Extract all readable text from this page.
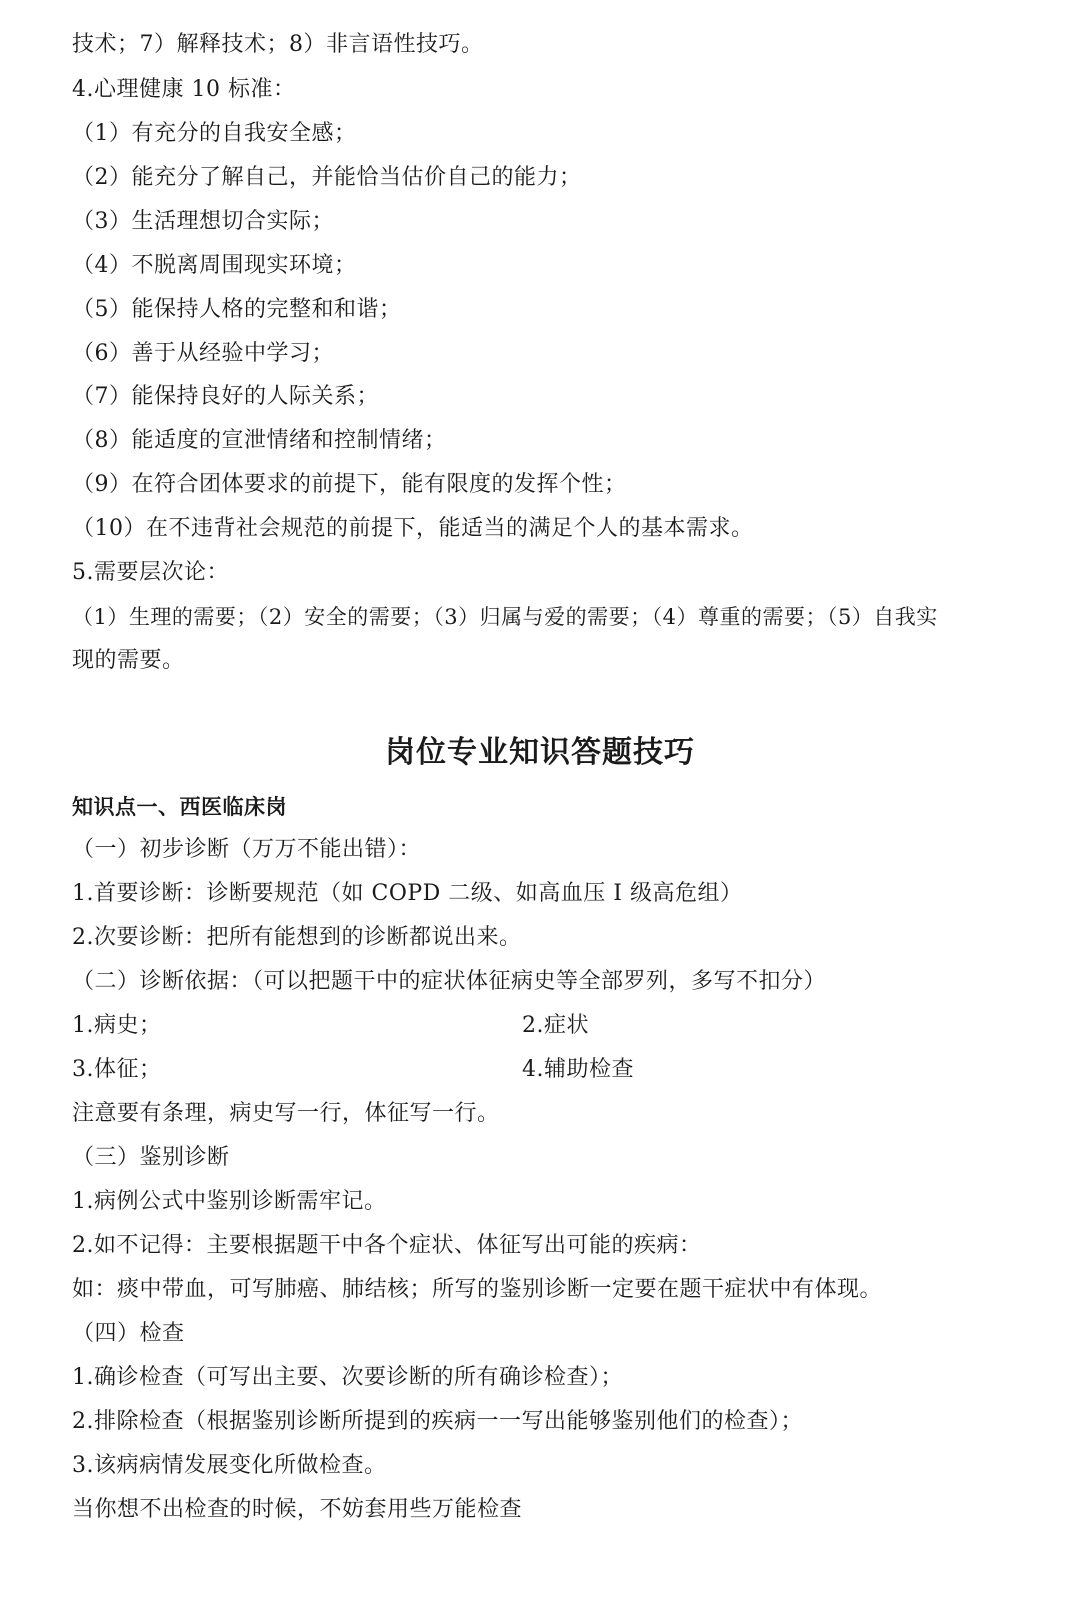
技术；7）解释技术；8）非言语性技巧。
4.心理健康 10 标准：
（1）有充分的自我安全感；
（2）能充分了解自己，并能恰当估价自己的能力；
（3）生活理想切合实际；
（4）不脱离周围现实环境；
（5）能保持人格的完整和和谐；
（6）善于从经验中学习；
（7）能保持良好的人际关系；
（8）能适度的宣泄情绪和控制情绪；
（9）在符合团体要求的前提下，能有限度的发挥个性；
（10）在不违背社会规范的前提下，能适当的满足个人的基本需求。
5.需要层次论：
（1）生理的需要；（2）安全的需要；（3）归属与爱的需要；（4）尊重的需要；（5）自我实
现的需要。
岗位专业知识答题技巧
知识点一、西医临床岗
（一）初步诊断（万万不能出错）：
1.首要诊断：诊断要规范（如 COPD 二级、如高血压 I 级高危组）
2.次要诊断：把所有能想到的诊断都说出来。
（二）诊断依据：（可以把题干中的症状体征病史等全部罗列，多写不扣分）
1.病史；	2.症状
3.体征；	4.辅助检查
注意要有条理，病史写一行，体征写一行。
（三）鉴别诊断
1.病例公式中鉴别诊断需牢记。
2.如不记得：主要根据题干中各个症状、体征写出可能的疾病：
如：痰中带血，可写肺癌、肺结核；所写的鉴别诊断一定要在题干症状中有体现。
（四）检查
1.确诊检查（可写出主要、次要诊断的所有确诊检查）；
2.排除检查（根据鉴别诊断所提到的疾病一一写出能够鉴别他们的检查）；
3.该病病情发展变化所做检查。
当你想不出检查的时候，不妨套用些万能检查
